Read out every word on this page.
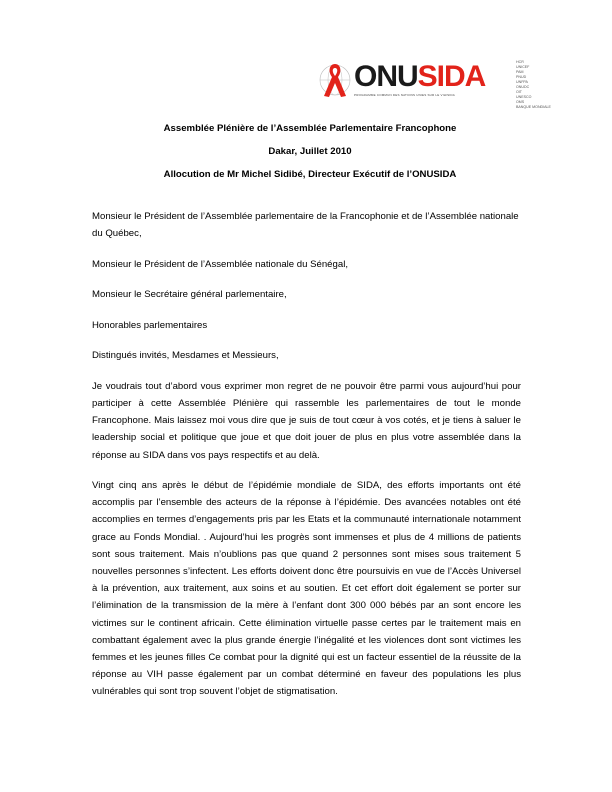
ONUSIDA
PROGRAMME COMMUN DES NATIONS UNIES SUR LE VIH/SIDA
HCR
UNICEF
PAM
PNUD
UNFPA
ONUDC
OIT
UNESCO
OMS
BANQUE MONDIALE
Assemblée Plénière de l’Assemblée Parlementaire Francophone
Dakar, Juillet 2010
Allocution de Mr Michel Sidibé, Directeur Exécutif de l’ONUSIDA

Monsieur le Président de l’Assemblée parlementaire de la Francophonie et de l’Assemblée nationale du Québec,

Monsieur le Président de l’Assemblée nationale du Sénégal,

Monsieur le Secrétaire général parlementaire,

Honorables parlementaires

Distingués invités, Mesdames et Messieurs,

Je voudrais tout d’abord vous exprimer mon regret de ne pouvoir être parmi vous aujourd’hui pour participer à cette Assemblée Plénière qui rassemble les parlementaires de tout le monde Francophone. Mais laissez moi vous dire que je suis de tout cœur à vos cotés, et je tiens à saluer le leadership social et politique que joue et que doit jouer de plus en plus votre assemblée dans la réponse au SIDA dans vos pays respectifs et au delà.

Vingt cinq ans après le début de l’épidémie mondiale de SIDA, des efforts importants ont été accomplis par l’ensemble des acteurs de la réponse à l’épidémie. Des avancées notables ont été accomplies en termes d’engagements pris par les Etats et la communauté internationale notamment grace au Fonds Mondial. . Aujourd’hui les progrès sont immenses et plus de 4 millions de patients sont sous traitement. Mais n’oublions pas que quand 2 personnes sont mises sous traitement 5 nouvelles personnes s’infectent. Les efforts doivent donc être poursuivis en vue de l’Accès Universel à la prévention, aux traitement, aux soins et au soutien. Et cet effort doit également se porter sur l’élimination de la transmission de la mère à l’enfant dont 300 000 bébés par an sont encore les victimes sur le continent africain. Cette élimination virtuelle passe certes par le traitement mais en combattant également avec la plus grande énergie l’inégalité et les violences dont sont victimes les femmes et les jeunes filles Ce combat pour la dignité qui est un facteur essentiel de la réussite de la réponse au VIH passe également par un combat déterminé en faveur des populations les plus vulnérables qui sont trop souvent l’objet de stigmatisation.
